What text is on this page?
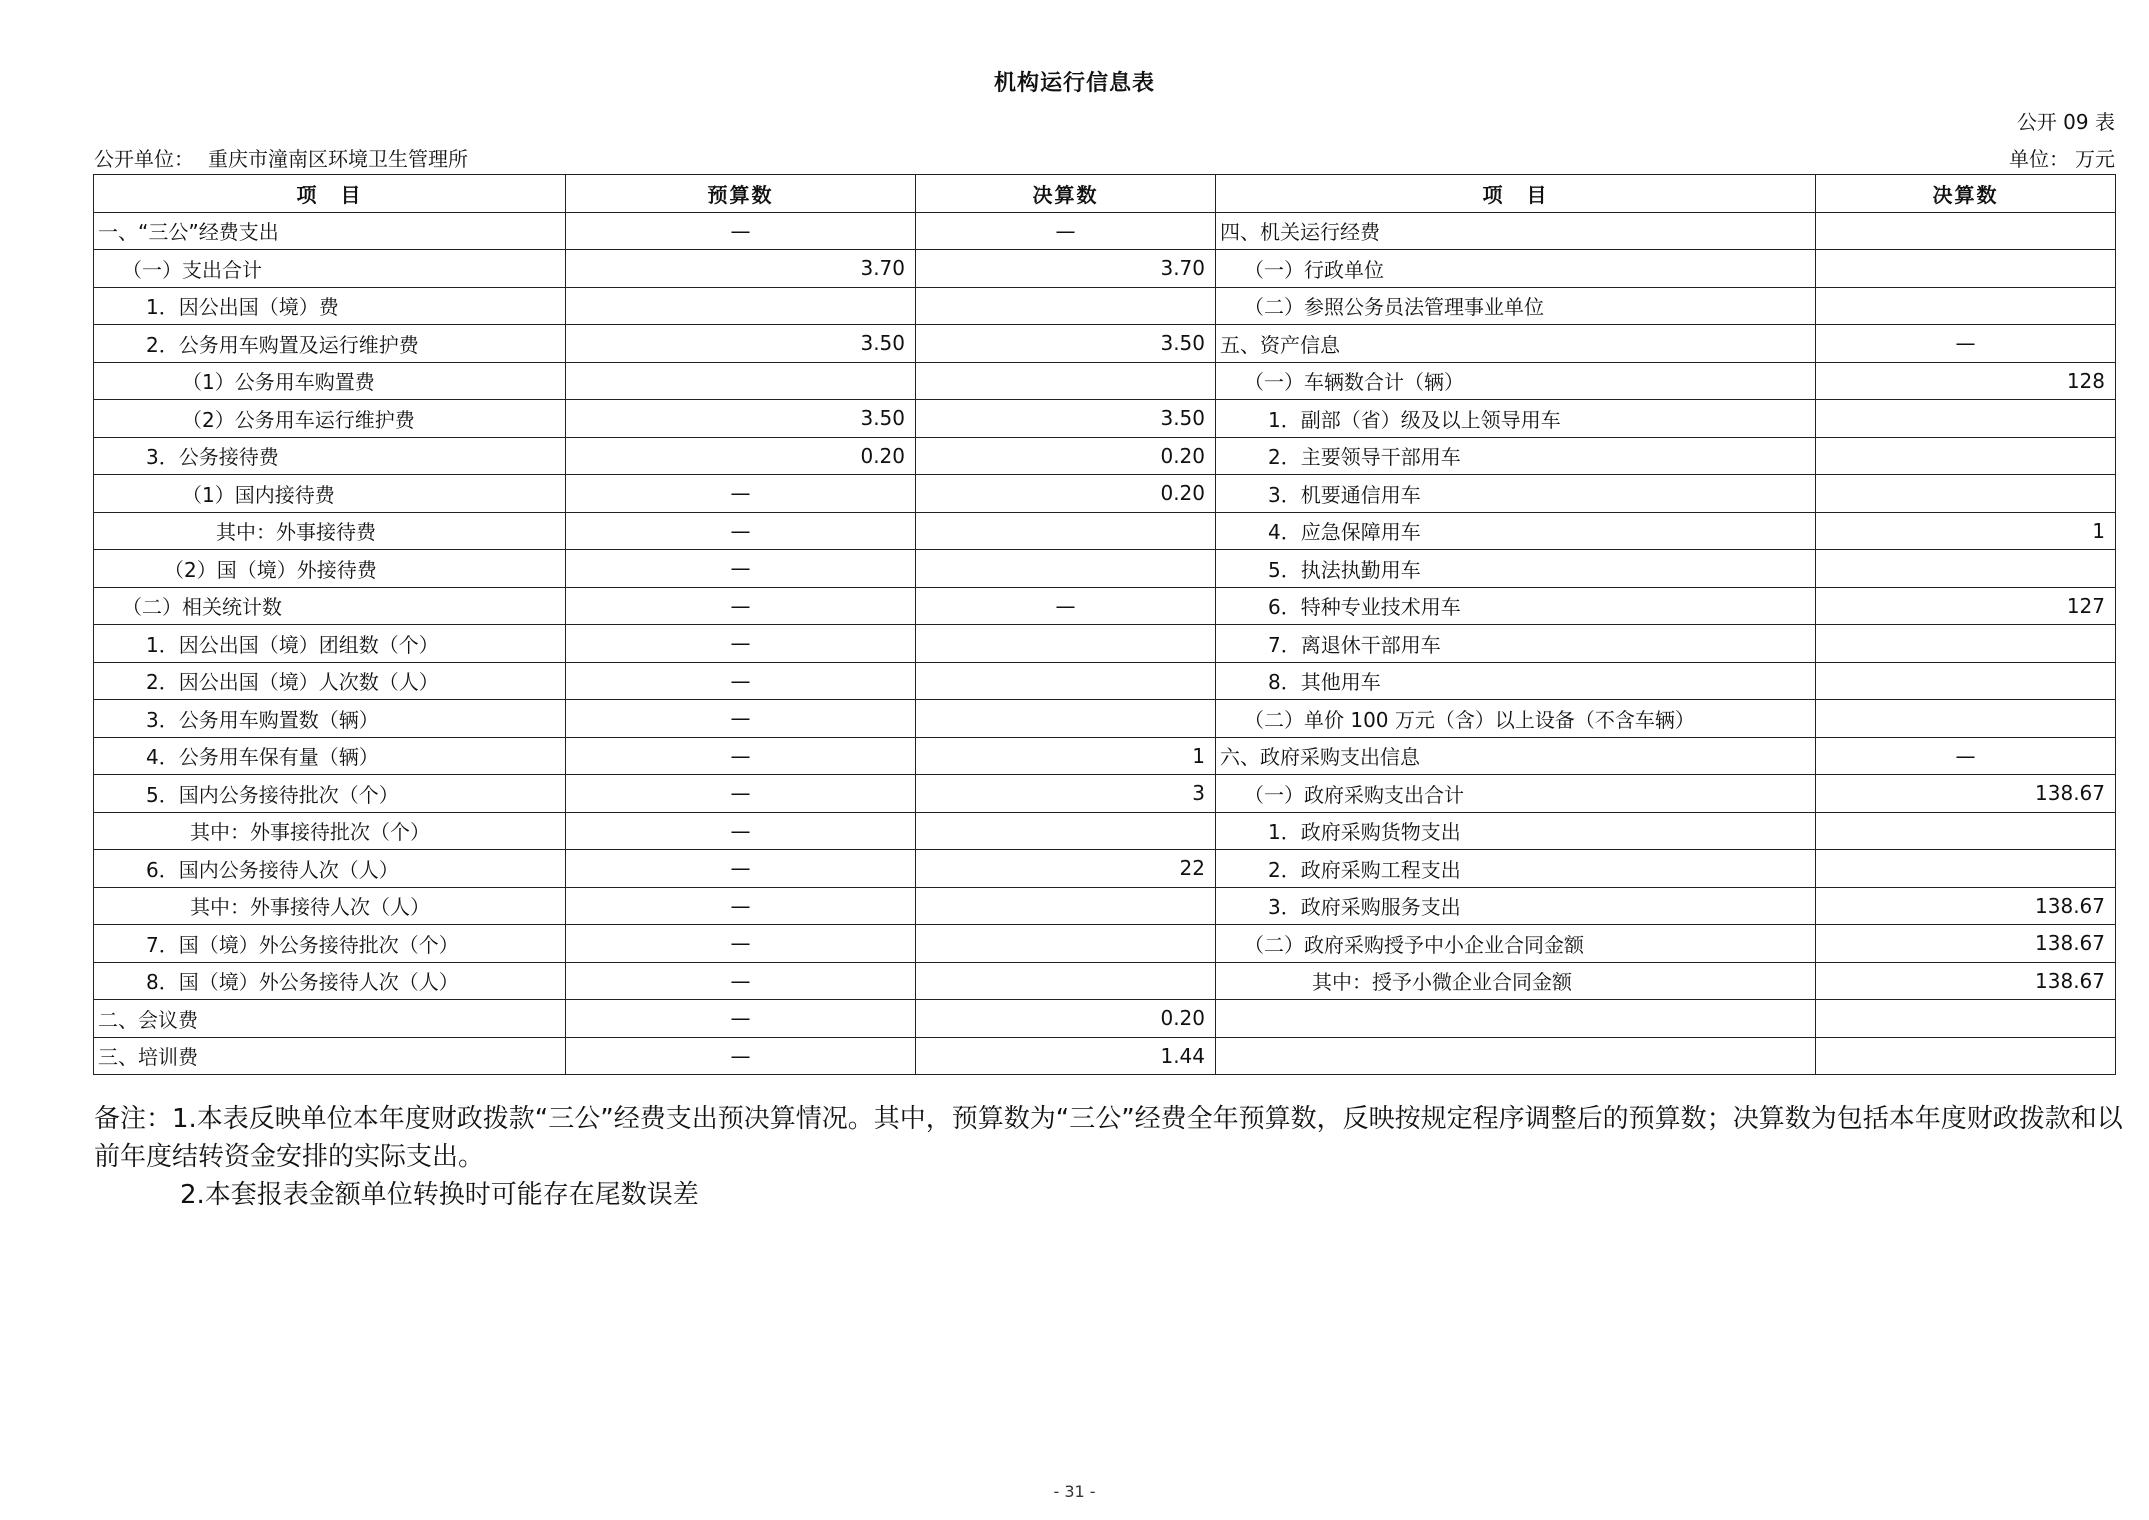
机构运行信息表
公开 09 表
公开单位： 重庆市潼南区环境卫生管理所	单位： 万元
项　目	预算数	决算数	项　目	决算数
一、“三公”经费支出	—	—	四、机关运行经费	
（一）支出合计	3.70	3.70	（一）行政单位	
1．因公出国（境）费			（二）参照公务员法管理事业单位	
2．公务用车购置及运行维护费	3.50	3.50	五、资产信息	—
（1）公务用车购置费			（一）车辆数合计（辆）	128
（2）公务用车运行维护费	3.50	3.50	1．副部（省）级及以上领导用车	
3．公务接待费	0.20	0.20	2．主要领导干部用车	
（1）国内接待费	—	0.20	3．机要通信用车	
其中：外事接待费	—		4．应急保障用车	1
（2）国（境）外接待费	—		5．执法执勤用车	
（二）相关统计数	—	—	6．特种专业技术用车	127
1．因公出国（境）团组数（个）	—		7．离退休干部用车	
2．因公出国（境）人次数（人）	—		8．其他用车	
3．公务用车购置数（辆）	—		（二）单价 100 万元（含）以上设备（不含车辆）	
4．公务用车保有量（辆）	—	1	六、政府采购支出信息	—
5．国内公务接待批次（个）	—	3	（一）政府采购支出合计	138.67
其中：外事接待批次（个）	—		1．政府采购货物支出	
6．国内公务接待人次（人）	—	22	2．政府采购工程支出	
其中：外事接待人次（人）	—		3．政府采购服务支出	138.67
7．国（境）外公务接待批次（个）	—		（二）政府采购授予中小企业合同金额	138.67
8．国（境）外公务接待人次（人）	—		其中：授予小微企业合同金额	138.67
二、会议费	—	0.20		
三、培训费	—	1.44		
备注：1.本表反映单位本年度财政拨款“三公”经费支出预决算情况。其中，预算数为“三公”经费全年预算数，反映按规定程序调整后的预算数；决算数为包括本年度财政拨款和以前年度结转资金安排的实际支出。
2.本套报表金额单位转换时可能存在尾数误差
- 31 -
